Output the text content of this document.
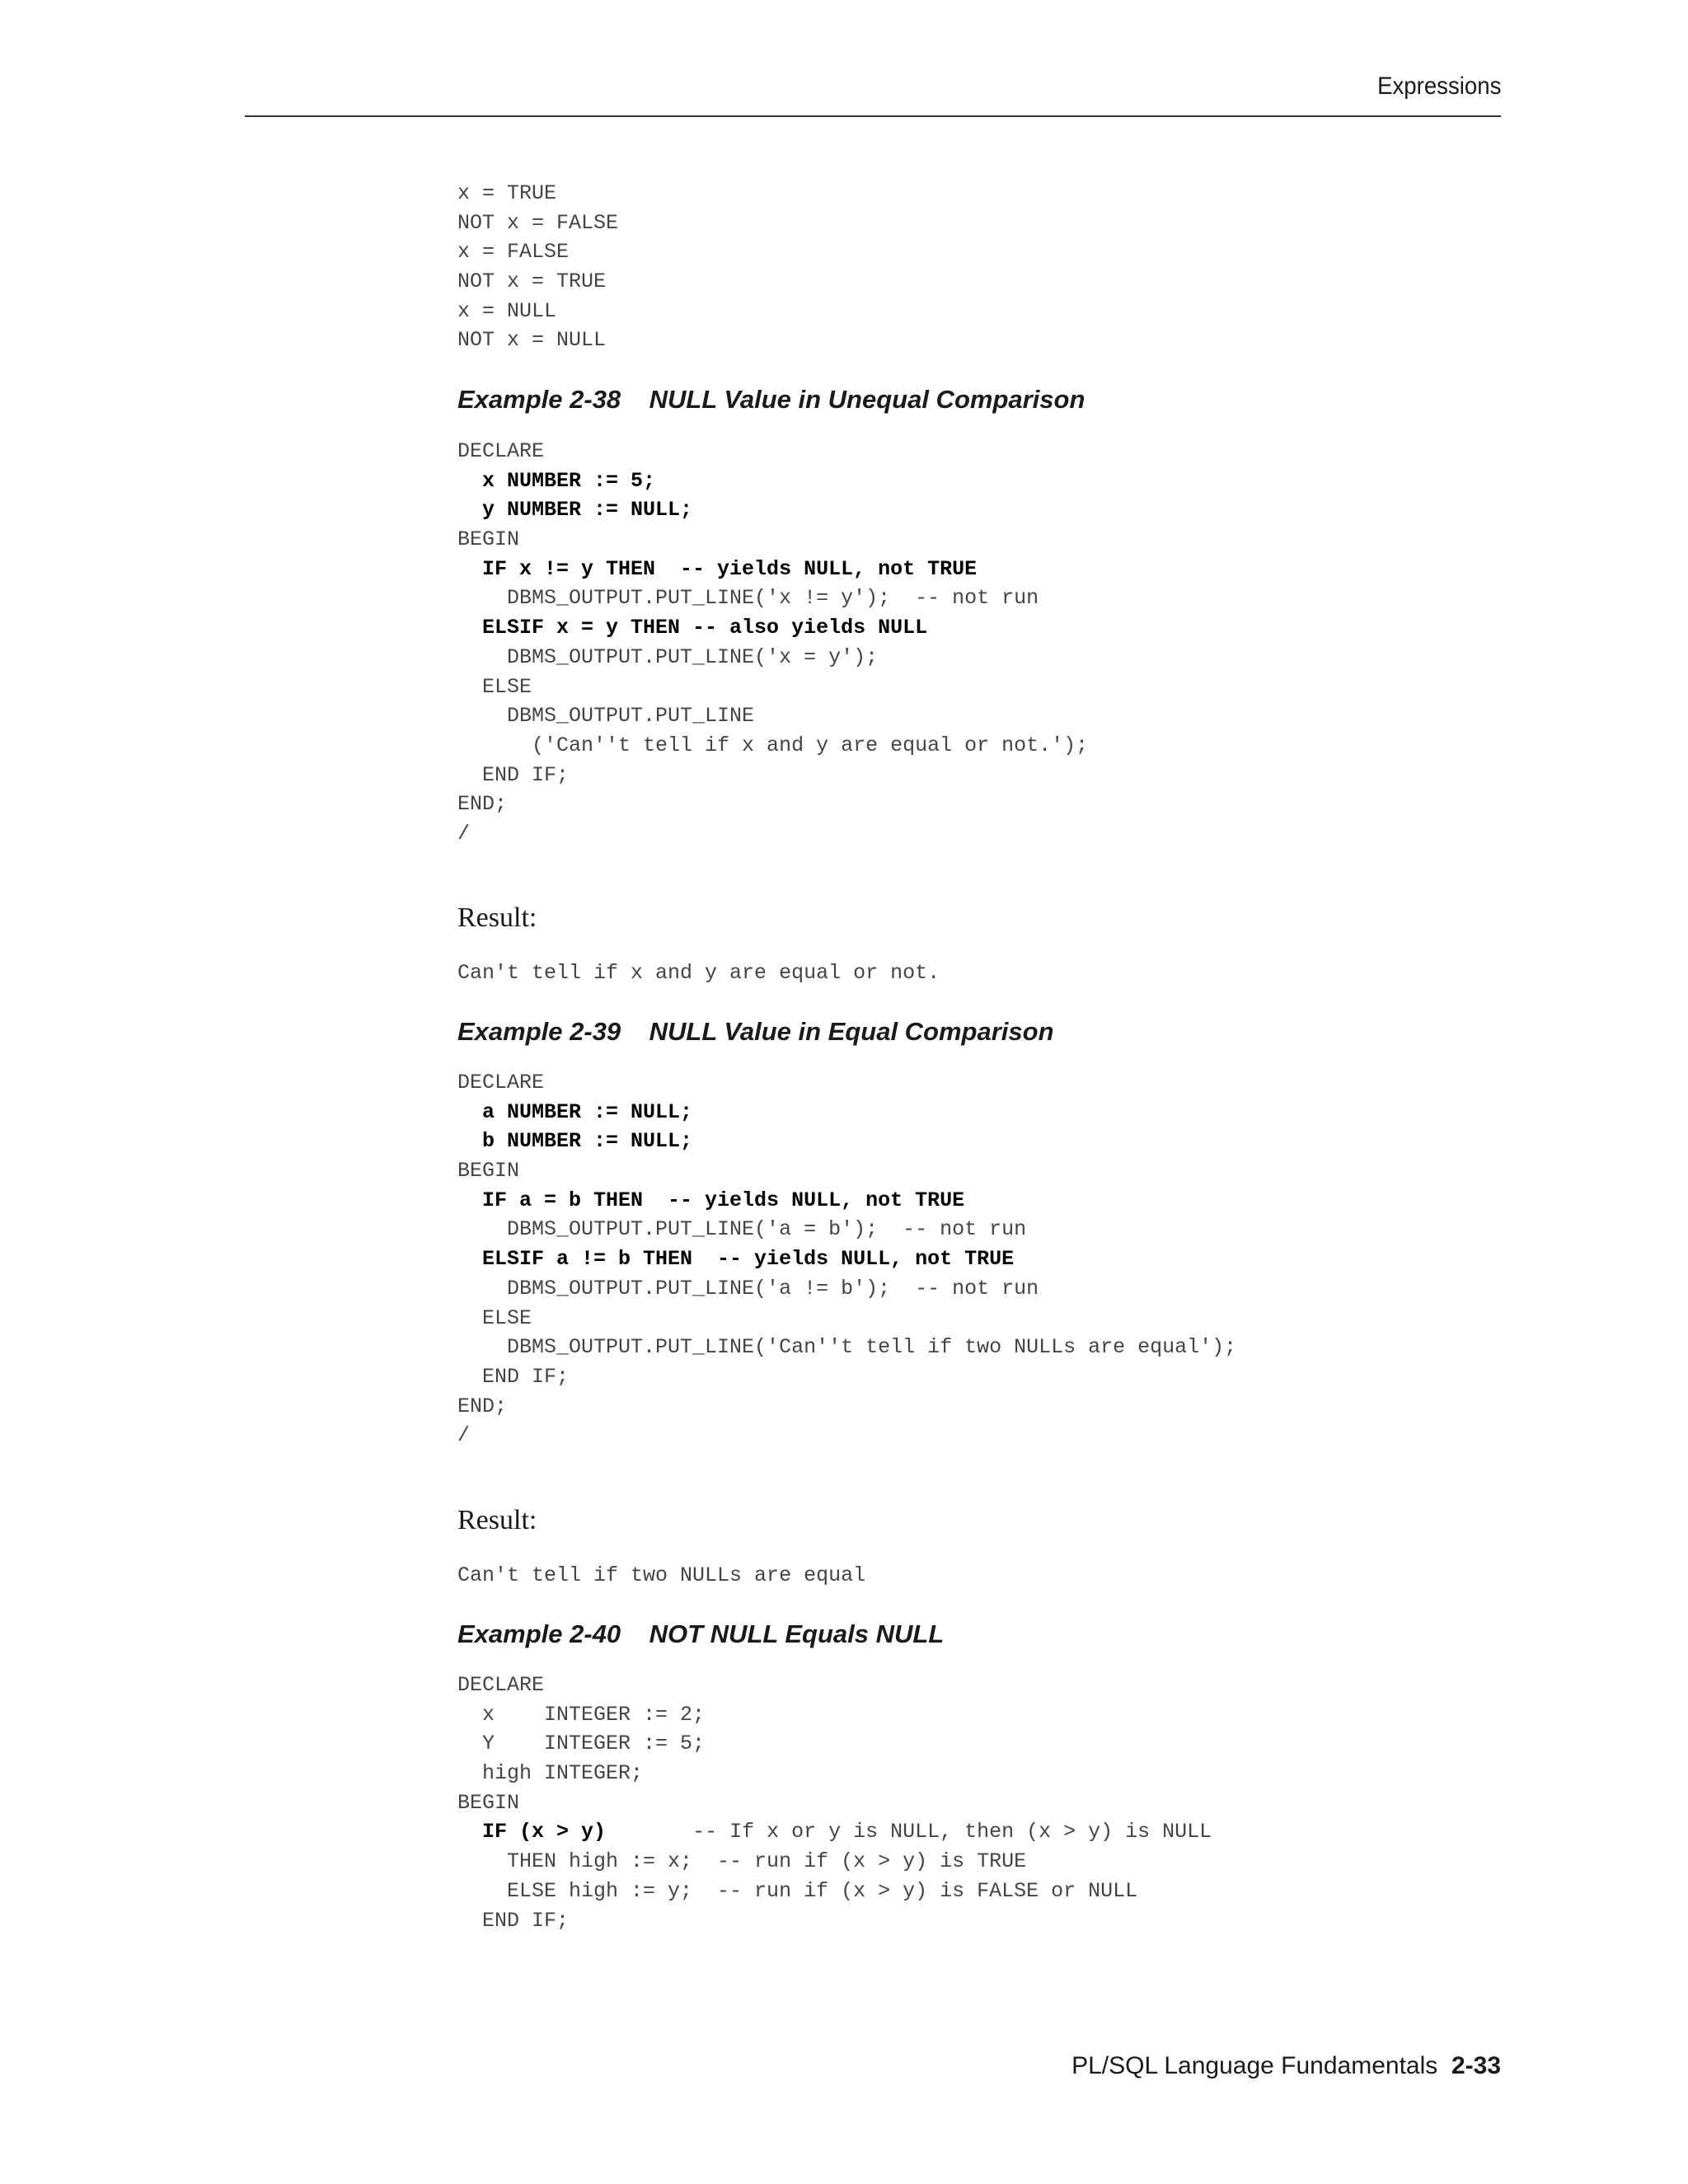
Expressions
x = TRUE
NOT x = FALSE
x = FALSE
NOT x = TRUE
x = NULL
NOT x = NULL
Example 2-38    NULL Value in Unequal Comparison
DECLARE
x NUMBER := 5;
y NUMBER := NULL;
BEGIN
IF x != y THEN  -- yields NULL, not TRUE
DBMS_OUTPUT.PUT_LINE('x != y');  -- not run
ELSIF x = y THEN -- also yields NULL
DBMS_OUTPUT.PUT_LINE('x = y');
ELSE
DBMS_OUTPUT.PUT_LINE
('Can''t tell if x and y are equal or not.');
END IF;
END;
/
Result:
Can't tell if x and y are equal or not.
Example 2-39    NULL Value in Equal Comparison
DECLARE
a NUMBER := NULL;
b NUMBER := NULL;
BEGIN
IF a = b THEN  -- yields NULL, not TRUE
DBMS_OUTPUT.PUT_LINE('a = b');  -- not run
ELSIF a != b THEN  -- yields NULL, not TRUE
DBMS_OUTPUT.PUT_LINE('a != b');  -- not run
ELSE
DBMS_OUTPUT.PUT_LINE('Can''t tell if two NULLs are equal');
END IF;
END;
/
Result:
Can't tell if two NULLs are equal
Example 2-40    NOT NULL Equals NULL
DECLARE
x    INTEGER := 2;
Y    INTEGER := 5;
high INTEGER;
BEGIN
IF (x > y)       -- If x or y is NULL, then (x > y) is NULL
THEN high := x;  -- run if (x > y) is TRUE
ELSE high := y;  -- run if (x > y) is FALSE or NULL
END IF;
PL/SQL Language Fundamentals 2-33
